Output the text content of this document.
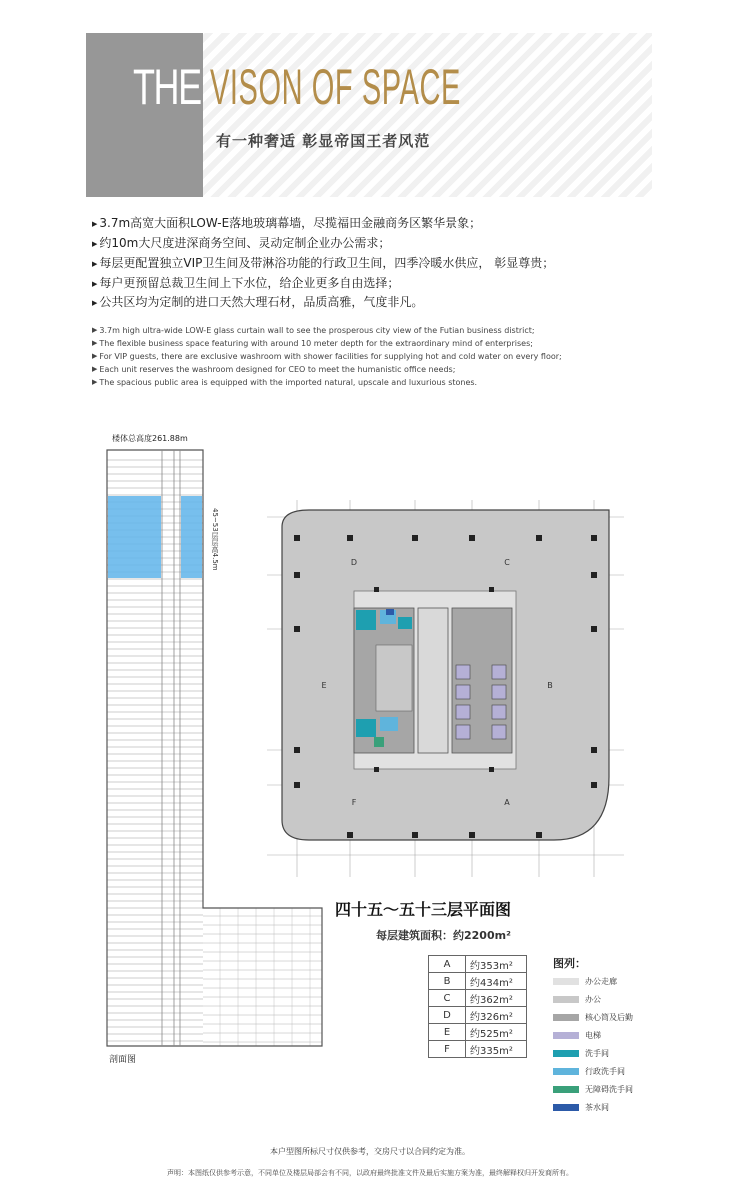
THE VISON OF SPACE
有一种奢适 彰显帝国王者风范
▶ 3.7m高宽大面积LOW-E落地玻璃幕墙，尽揽福田金融商务区繁华景象；
▶ 约10m大尺度进深商务空间、灵动定制企业办公需求；
▶ 每层更配置独立VIP卫生间及带淋浴功能的行政卫生间，四季冷暖水供应， 彰显尊贵；
▶ 每户更预留总裁卫生间上下水位，给企业更多自由选择；
▶ 公共区均为定制的进口天然大理石材，品质高雅，气度非凡。
▶ 3.7m high ultra-wide LOW-E glass curtain wall to see the prosperous city view of the Futian business district;
▶ The flexible business space featuring with around 10 meter depth for the extraordinary mind of enterprises;
▶ For VIP guests, there are exclusive washroom with shower facilities for supplying hot and cold water on every floor;
▶ Each unit reserves the washroom designed for CEO to meet the humanistic office needs;
▶ The spacious public area is equipped with the imported natural, upscale and luxurious stones.
楼体总高度261.88m
45~53层层高4.5m
剖面图
D	C
E	B
F	A
四十五～五十三层平面图
每层建筑面积：约2200m²
A	约353m²
B	约434m²
C	约362m²
D	约326m²
E	约525m²
F	约335m²
图列：
办公走廊
办公
核心筒及后勤
电梯
洗手间
行政洗手间
无障碍洗手间
茶水间
本户型图所标尺寸仅供参考，交房尺寸以合同约定为准。
声明：本图纸仅供参考示意，不同单位及楼层局部会有不同，以政府最终批准文件及最后实施方案为准，最终解释权归开发商所有。
